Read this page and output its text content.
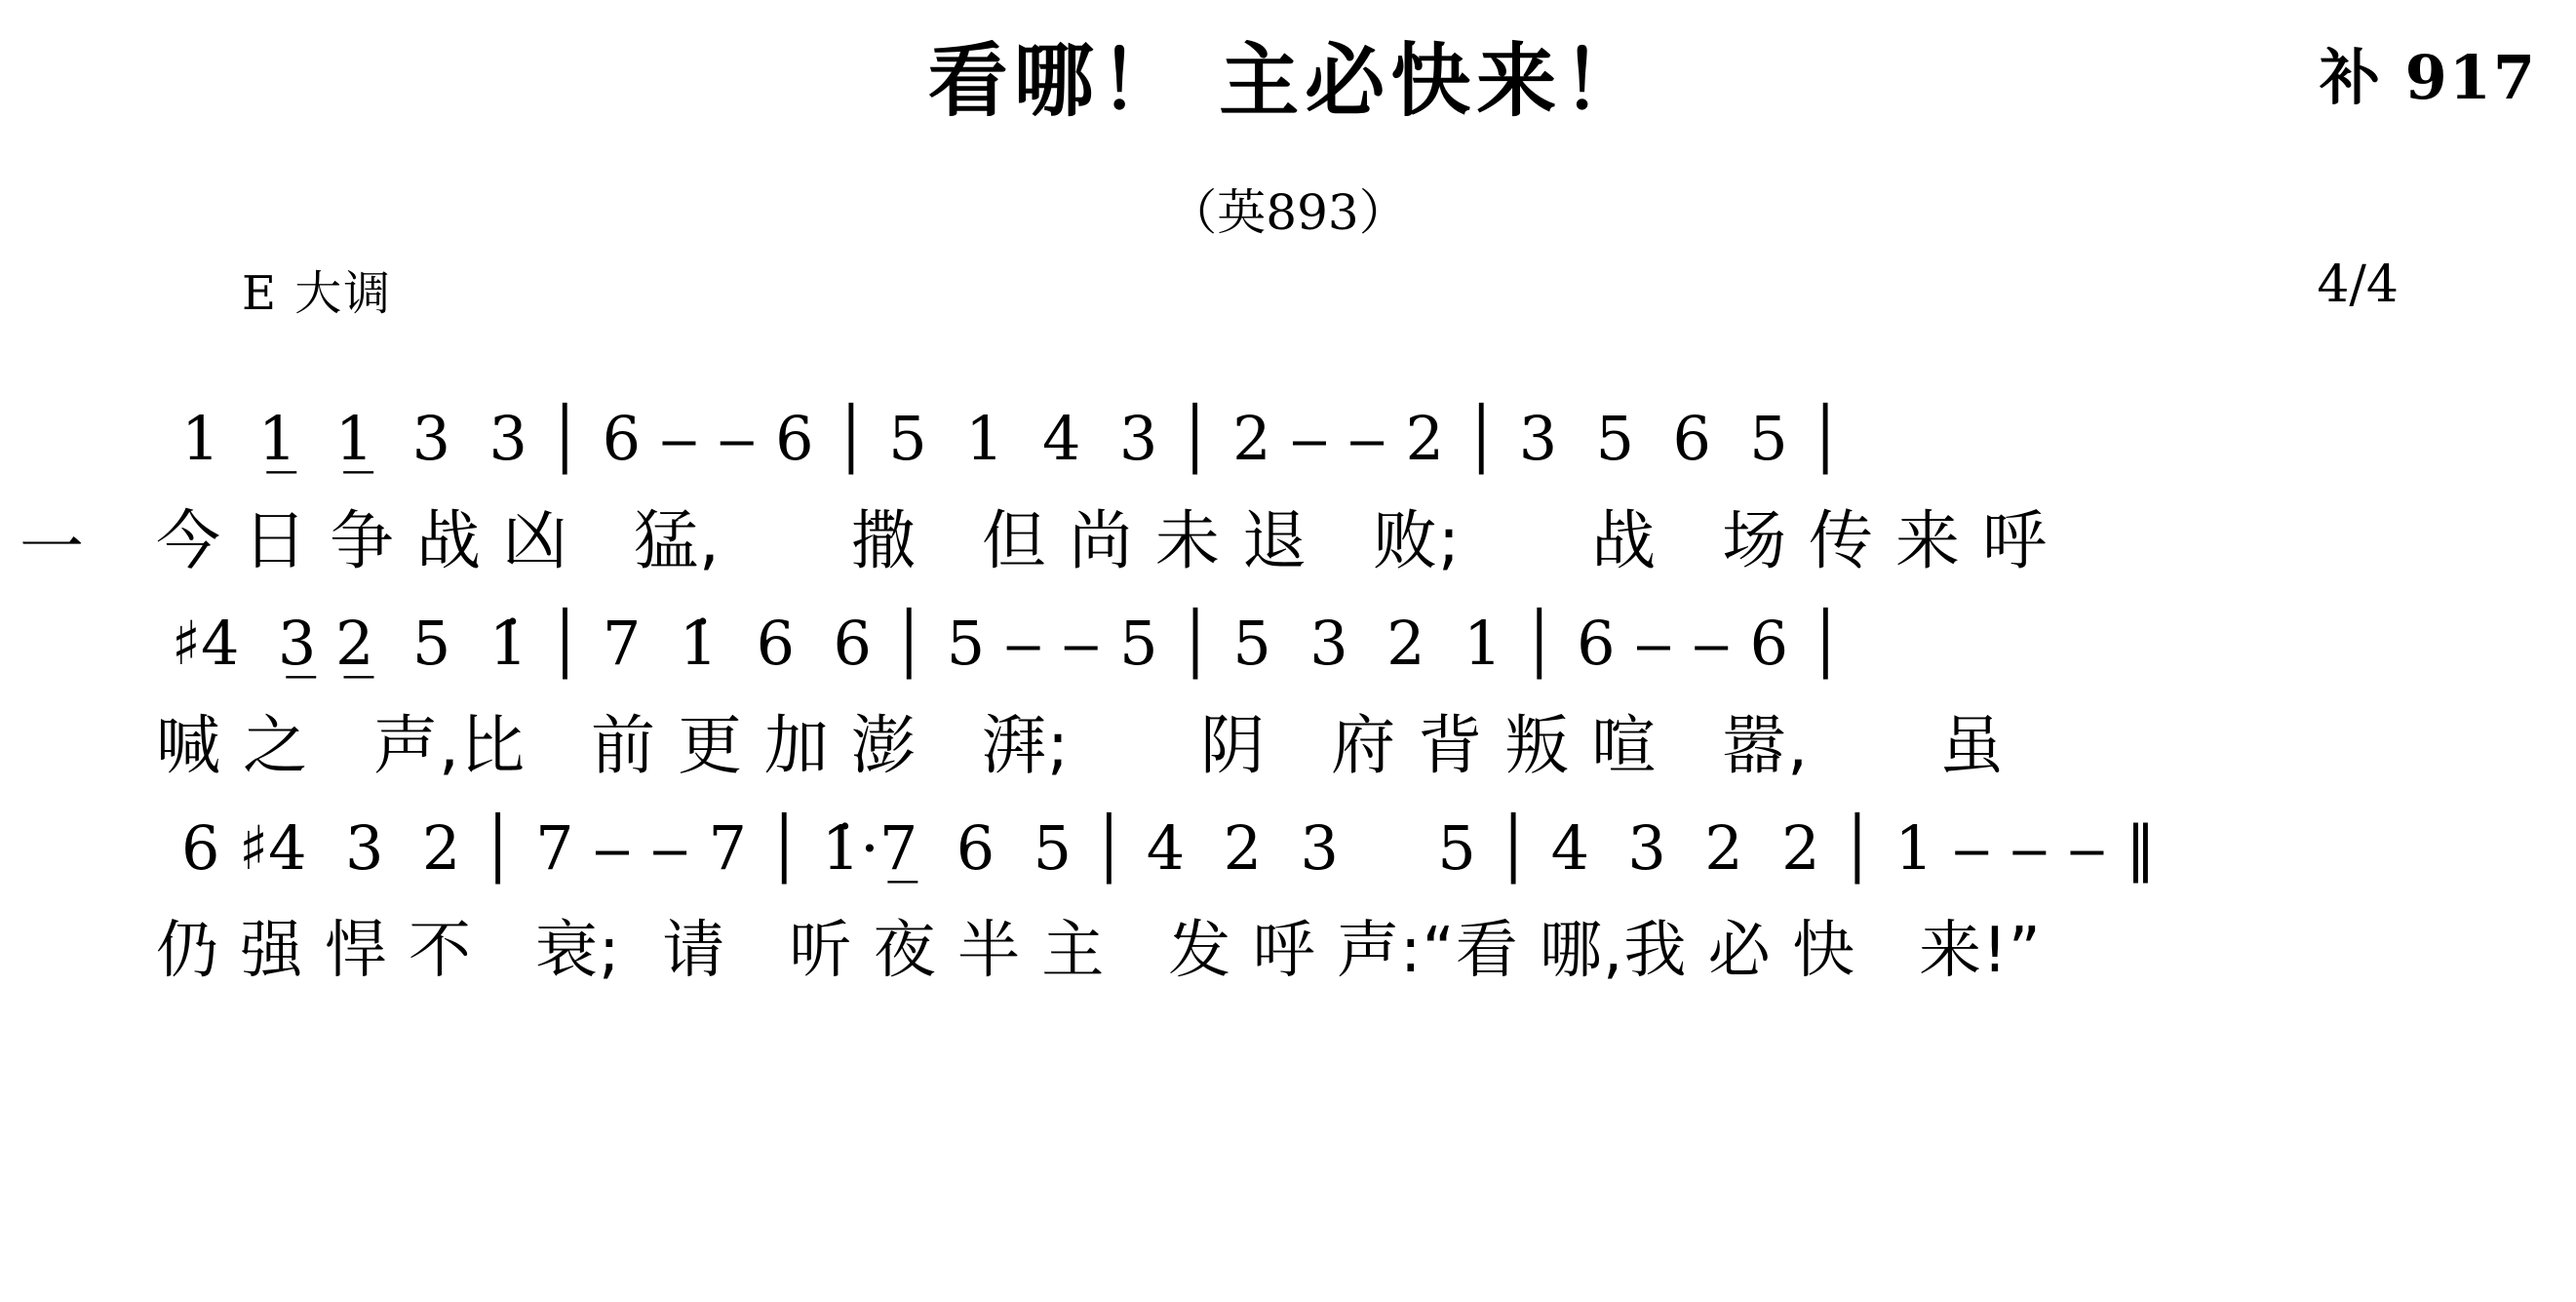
看哪！ 主必快来！	补 917
（英893）
E 大调	4/4
一
1  1̲  1̲  3  3 │ 6 ‒ ‒ 6 │ 5  1  4  3 │ 2 ‒ ‒ 2 │ 3  5  6  5 │
今 日 争 战 凶　猛,　　撒　但 尚 未 退　败;　　战　场 传 来 呼
♯4  3̲ 2̲  5  1̇ │ 7  1̇  6  6 │ 5 ‒ ‒ 5 │ 5  3  2  1 │ 6 ‒ ‒ 6 │
喊 之　声,比　前 更 加 澎　湃;　　阴　府 背 叛 喧　嚣,　　虽
6 ♯4  3  2 │ 7 ‒ ‒ 7 │ 1̇·7̲  6  5 │ 4  2  3 　 5 │ 4  3  2  2 │ 1 ‒ ‒ ‒ ‖
仍 强 悍 不　衰;  请　听 夜 半 主　发 呼 声:“看 哪,我 必 快　来!”
